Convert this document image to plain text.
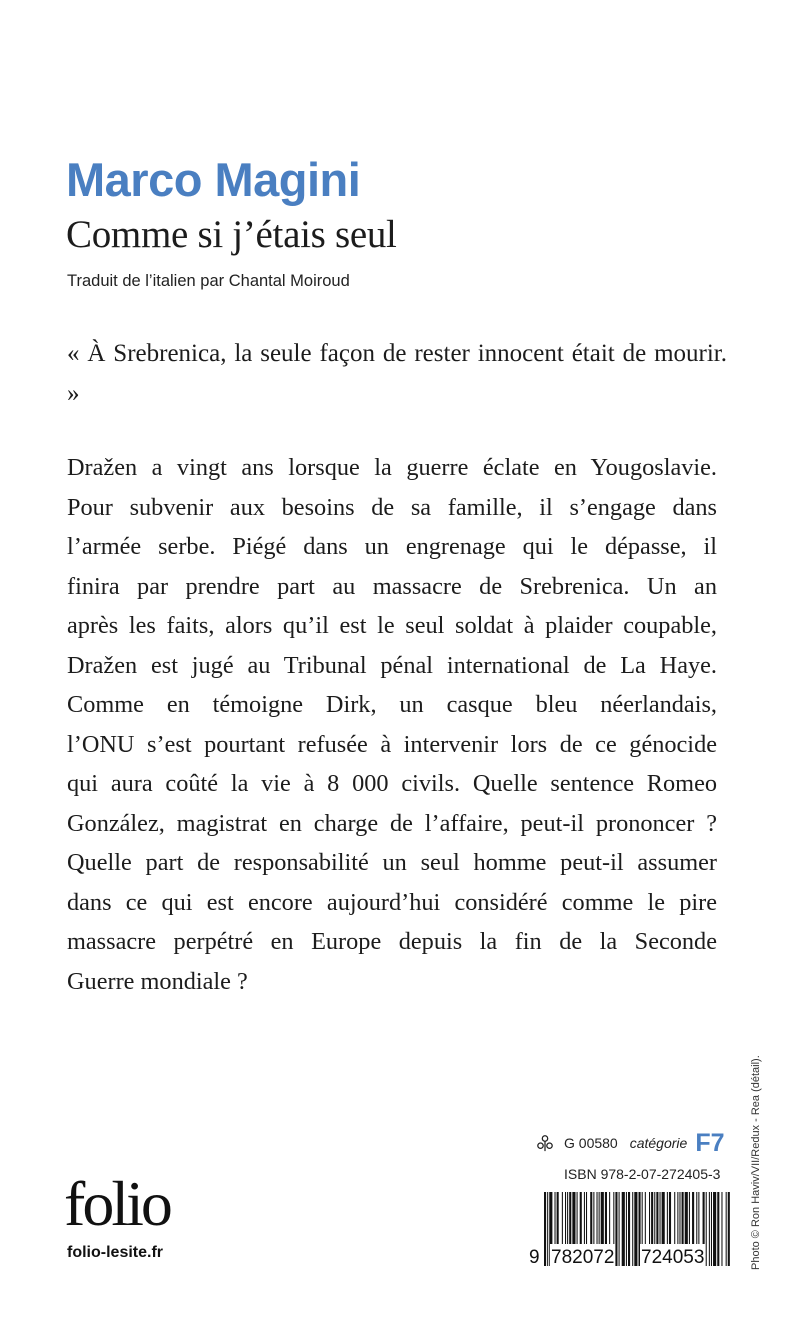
Marco Magini
Comme si j’étais seul
Traduit de l’italien par Chantal Moiroud
« À Srebrenica, la seule façon de rester innocent était de mourir. »
Dražen a vingt ans lorsque la guerre éclate en Yougoslavie.
Pour subvenir aux besoins de sa famille, il s’engage dans
l’armée serbe. Piégé dans un engrenage qui le dépasse, il
finira par prendre part au massacre de Srebrenica. Un an
après les faits, alors qu’il est le seul soldat à plaider coupable,
Dražen est jugé au Tribunal pénal international de La Haye.
Comme en témoigne Dirk, un casque bleu néerlandais,
l’ONU s’est pourtant refusée à intervenir lors de ce génocide
qui aura coûté la vie à 8 000 civils. Quelle sentence Romeo
González, magistrat en charge de l’affaire, peut-il prononcer ?
Quelle part de responsabilité un seul homme peut-il assumer
dans ce qui est encore aujourd’hui considéré comme le pire
massacre perpétré en Europe depuis la fin de la Seconde
Guerre mondiale ?
Photo © Ron Haviv/VII/Redux - Rea (détail).
G 00580 catégorie F7
ISBN 978-2-07-272405-3
9 782072 724053
folio
folio-lesite.fr
